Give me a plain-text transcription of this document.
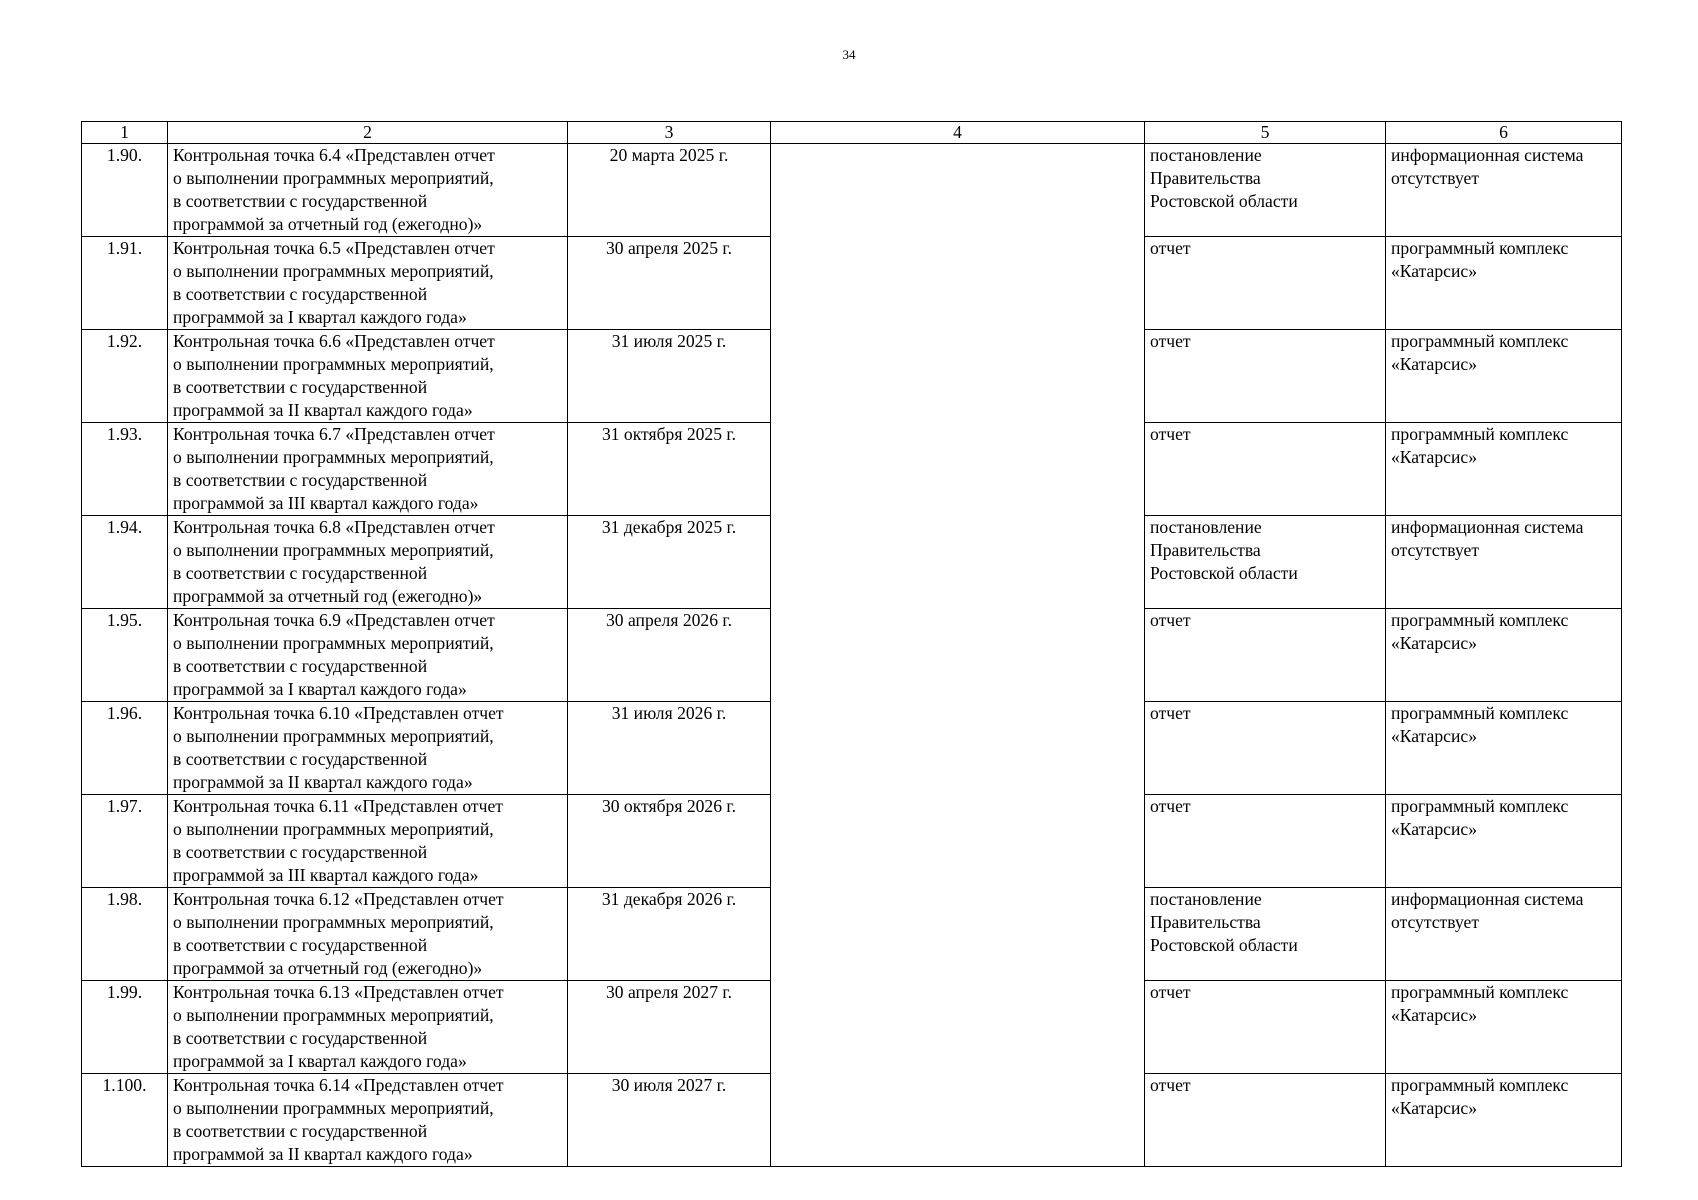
34
1	2	3	4	5	6
1.90.	Контрольная точка 6.4 «Представлен отчет
о выполнении программных мероприятий,
в соответствии с государственной
программой за отчетный год (ежегодно)»	20 марта 2025 г.		постановление
Правительства
Ростовской области	информационная система
отсутствует

1.91.	Контрольная точка 6.5 «Представлен отчет
о выполнении программных мероприятий,
в соответствии с государственной
программой за I квартал каждого года»	30 апреля 2025 г.		отчет	программный комплекс
«Катарсис»

1.92.	Контрольная точка 6.6 «Представлен отчет
о выполнении программных мероприятий,
в соответствии с государственной
программой за II квартал каждого года»	31 июля 2025 г.		отчет	программный комплекс
«Катарсис»

1.93.	Контрольная точка 6.7 «Представлен отчет
о выполнении программных мероприятий,
в соответствии с государственной
программой за III квартал каждого года»	31 октября 2025 г.		отчет	программный комплекс
«Катарсис»

1.94.	Контрольная точка 6.8 «Представлен отчет
о выполнении программных мероприятий,
в соответствии с государственной
программой за отчетный год (ежегодно)»	31 декабря 2025 г.		постановление
Правительства
Ростовской области	информационная система
отсутствует

1.95.	Контрольная точка 6.9 «Представлен отчет
о выполнении программных мероприятий,
в соответствии с государственной
программой за I квартал каждого года»	30 апреля 2026 г.		отчет	программный комплекс
«Катарсис»

1.96.	Контрольная точка 6.10 «Представлен отчет
о выполнении программных мероприятий,
в соответствии с государственной
программой за II квартал каждого года»	31 июля 2026 г.		отчет	программный комплекс
«Катарсис»

1.97.	Контрольная точка 6.11 «Представлен отчет
о выполнении программных мероприятий,
в соответствии с государственной
программой за III квартал каждого года»	30 октября 2026 г.		отчет	программный комплекс
«Катарсис»

1.98.	Контрольная точка 6.12 «Представлен отчет
о выполнении программных мероприятий,
в соответствии с государственной
программой за отчетный год (ежегодно)»	31 декабря 2026 г.		постановление
Правительства
Ростовской области	информационная система
отсутствует

1.99.	Контрольная точка 6.13 «Представлен отчет
о выполнении программных мероприятий,
в соответствии с государственной
программой за I квартал каждого года»	30 апреля 2027 г.		отчет	программный комплекс
«Катарсис»

1.100.	Контрольная точка 6.14 «Представлен отчет
о выполнении программных мероприятий,
в соответствии с государственной
программой за II квартал каждого года»	30 июля 2027 г.		отчет	программный комплекс
«Катарсис»
